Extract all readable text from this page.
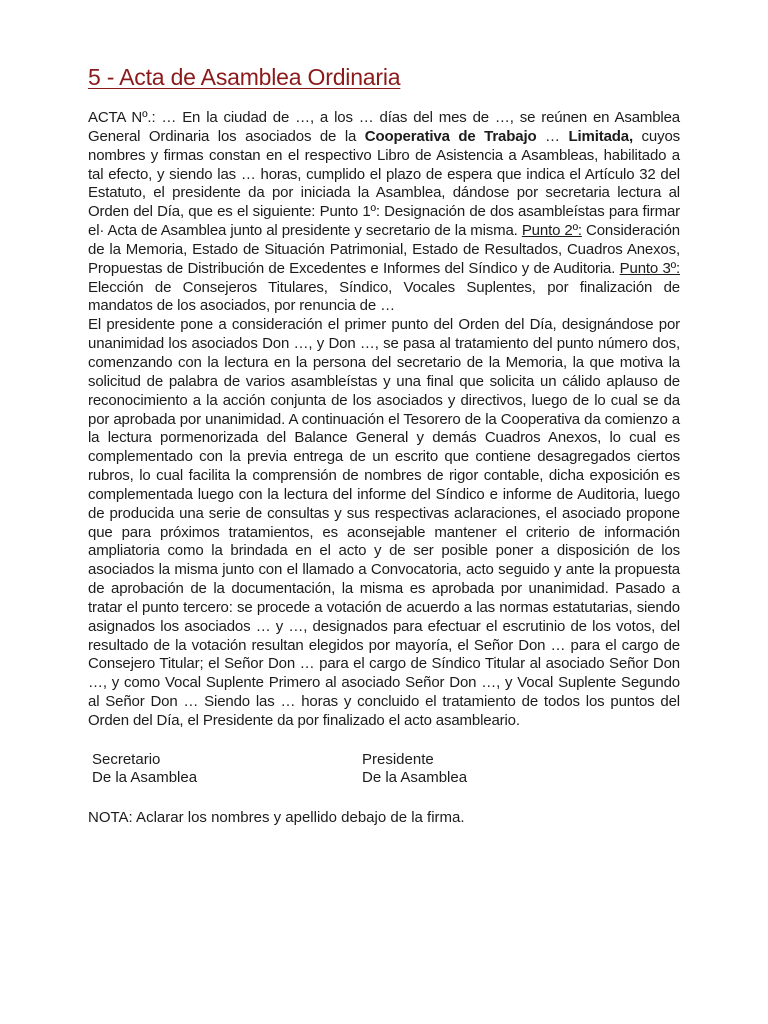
5 - Acta de Asamblea Ordinaria

ACTA Nº.: … En la ciudad de …, a los … días del mes de …, se reúnen en Asamblea General Ordinaria los asociados de la Cooperativa de Trabajo … Limitada, cuyos nombres y firmas constan en el respectivo Libro de Asistencia a Asambleas, habilitado a tal efecto, y siendo las … horas, cumplido el plazo de espera que indica el Artículo 32 del Estatuto, el presidente da por iniciada la Asamblea, dándose por secretaria lectura al Orden del Día, que es el siguiente: Punto 1º: Designación de dos asambleístas para firmar el· Acta de Asamblea junto al presidente y secretario de la misma. Punto 2º: Consideración de la Memoria, Estado de Situación Patrimonial, Estado de Resultados, Cuadros Anexos, Propuestas de Distribución de Excedentes e Informes del Síndico y de Auditoria. Punto 3º: Elección de Consejeros Titulares, Síndico, Vocales Suplentes, por finalización de mandatos de los asociados, por renuncia de …

El presidente pone a consideración el primer punto del Orden del Día, designándose por unanimidad los asociados Don …, y Don …, se pasa al tratamiento del punto número dos, comenzando con la lectura en la persona del secretario de la Memoria, la que motiva la solicitud de palabra de varios asambleístas y una final que solicita un cálido aplauso de reconocimiento a la acción conjunta de los asociados y directivos, luego de lo cual se da por aprobada por unanimidad. A continuación el Tesorero de la Cooperativa da comienzo a la lectura pormenorizada del Balance General y demás Cuadros Anexos, lo cual es complementado con la previa entrega de un escrito que contiene desagregados ciertos rubros, lo cual facilita la comprensión de nombres de rigor contable, dicha exposición es complementada luego con la lectura del informe del Síndico e informe de Auditoria, luego de producida una serie de consultas y sus respectivas aclaraciones, el asociado propone que para próximos tratamientos, es aconsejable mantener el criterio de información ampliatoria como la brindada en el acto y de ser posible poner a disposición de los asociados la misma junto con el llamado a Convocatoria, acto seguido y ante la propuesta de aprobación de la documentación, la misma es aprobada por unanimidad. Pasado a tratar el punto tercero: se procede a votación de acuerdo a las normas estatutarias, siendo asignados los asociados … y …, designados para efectuar el escrutinio de los votos, del resultado de la votación resultan elegidos por mayoría, el Señor Don … para el cargo de Consejero Titular; el Señor Don … para el cargo de Síndico Titular al asociado Señor Don …, y como Vocal Suplente Primero al asociado Señor Don …, y Vocal Suplente Segundo al Señor Don … Siendo las … horas y concluido el tratamiento de todos los puntos del Orden del Día, el Presidente da por finalizado el acto asambleario.

Secretario
De la Asamblea
Presidente
De la Asamblea
NOTA: Aclarar los nombres y apellido debajo de la firma.
